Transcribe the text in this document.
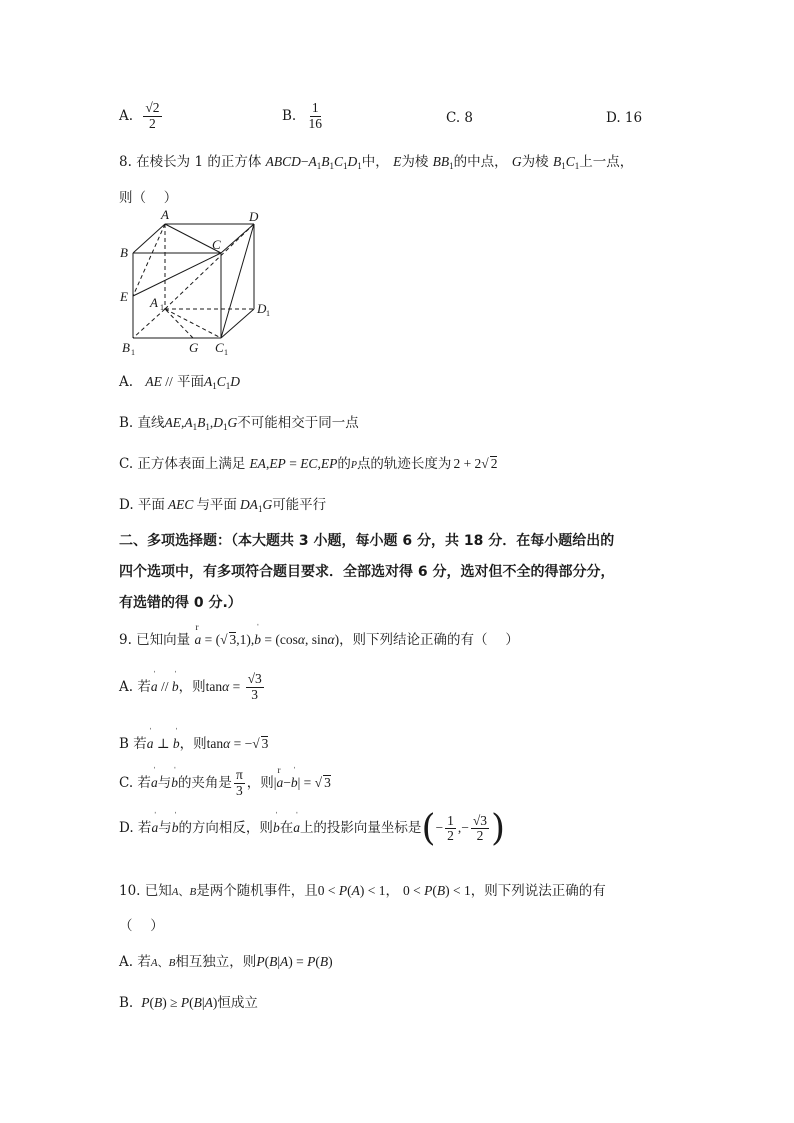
A. $\frac{√2}{2}$	B. $\frac{1}{16}$	C. 8	D. 16
8. 在棱长为 1 的正方体 $ABCD-A_1B_1C_1D_1$中， E为棱 $BB_1$的中点， G为棱 $B_1C_1$上一点，
则（　 ）
A	D
B
C
E A 1	D 1
B 1	G C 1
A. AE // 平面$A_1C_1D$
B. 直线$AE,A_1B_1,D_1G$不可能相交于同一点
C. 正方体表面上满足 EA,EP = EC,EP的P点的轨迹长度为 2 + 2√ 2
D. 平面 AEC 与平面 $DA_1G$可能平行
二、多项选择题：（本大题共 3 小题，每小题 6 分，共 18 分．在每小题给出的
四个选项中，有多项符合题目要求．全部选对得 6 分，选对但不全的得部分分，
有选错的得 0 分.）
9. 已知向量 r a = (√ 3,1),ˈ b = (cosα, sinα)，则下列结论正确的有（　 ）
A. 若ˈ a // ˈ b，则$\tan\alpha = \frac{√3}{3}$
B 若ˈ a ⊥ ˈ b，则tanα = −√ 3
C. 若ˈ a与ˈ b的夹角是 $\frac{\pi}{3}$ ，则|r a−ˈ b| = √ 3
D. 若ˈ a与ˈ b的方向相反，则ˈ b在ˈ a上的投影向量坐标是(− $\frac{1}{2}$ ,− $\frac{√3}{2}$ )
10. 已知A、B是两个随机事件，且0 < P(A) < 1， 0 < P(B) < 1，则下列说法正确的有
（　 ）
A. 若A、B相互独立，则P(B|A) = P(B)
B. P(B) ≥ P(B|A)恒成立
